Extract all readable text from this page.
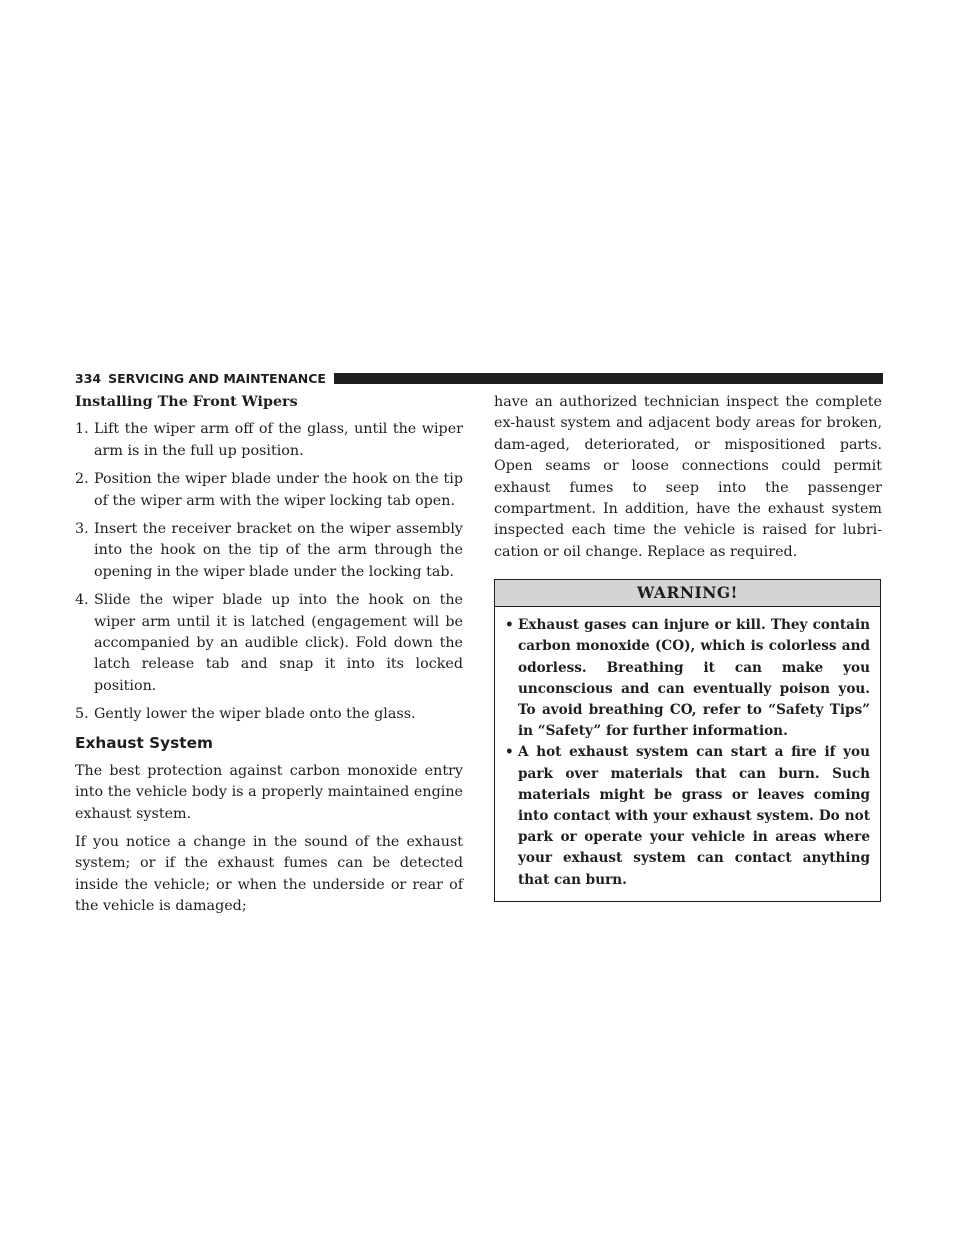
334 SERVICING AND MAINTENANCE

Installing The Front Wipers

1. Lift the wiper arm off of the glass, until the wiper arm is in the full up position.
2. Position the wiper blade under the hook on the tip of the wiper arm with the wiper locking tab open.
3. Insert the receiver bracket on the wiper assembly into the hook on the tip of the arm through the opening in the wiper blade under the locking tab.
4. Slide the wiper blade up into the hook on the wiper arm until it is latched (engagement will be accompanied by an audible click). Fold down the latch release tab and snap it into its locked position.
5. Gently lower the wiper blade onto the glass.
Exhaust System

The best protection against carbon monoxide entry into the vehicle body is a properly maintained engine exhaust system.

If you notice a change in the sound of the exhaust system; or if the exhaust fumes can be detected inside the vehicle; or when the underside or rear of the vehicle is damaged;

have an authorized technician inspect the complete ex-haust system and adjacent body areas for broken, dam-aged, deteriorated, or mispositioned parts. Open seams or loose connections could permit exhaust fumes to seep into the passenger compartment. In addition, have the exhaust system inspected each time the vehicle is raised for lubri-cation or oil change. Replace as required.

WARNING!
• Exhaust gases can injure or kill. They contain carbon monoxide (CO), which is colorless and odorless. Breathing it can make you unconscious and can eventually poison you. To avoid breathing CO, refer to “Safety Tips” in “Safety” for further information.
• A hot exhaust system can start a fire if you park over materials that can burn. Such materials might be grass or leaves coming into contact with your exhaust system. Do not park or operate your vehicle in areas where your exhaust system can contact anything that can burn.
